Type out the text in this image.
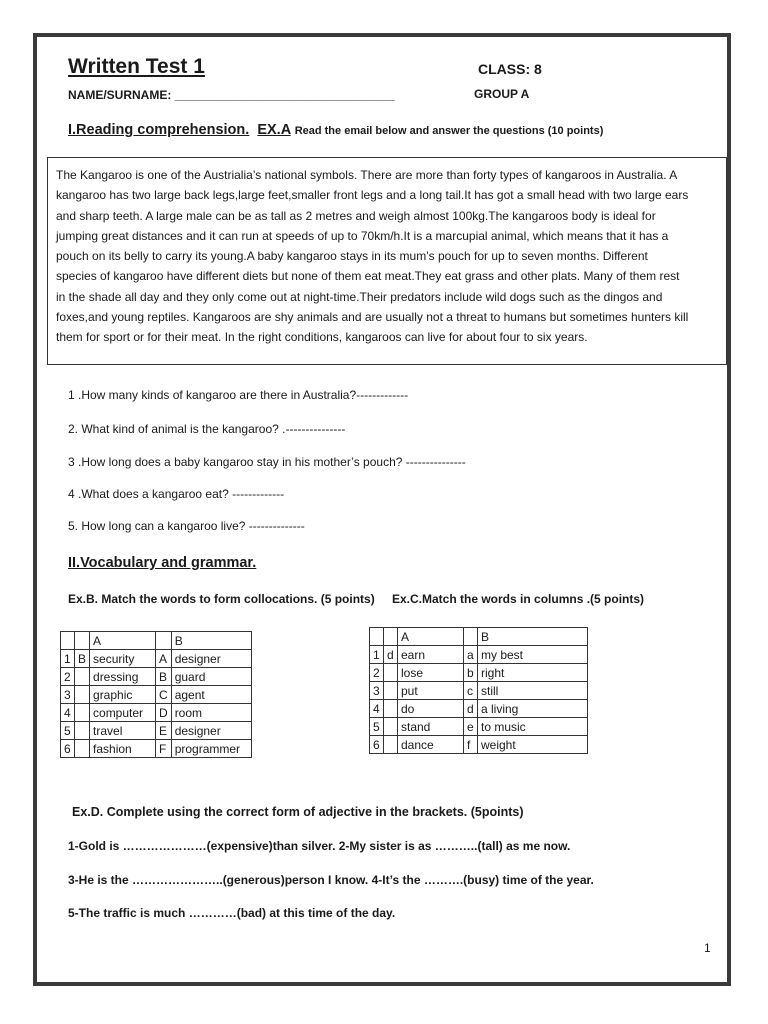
Written Test 1	CLASS: 8
NAME/SURNAME: _________________________________	GROUP A
I.Reading comprehension. EX.A Read the email below and answer the questions (10 points)
The Kangaroo is one of the Austrialia’s national symbols. There are more than forty types of kangaroos in Australia. A
kangaroo has two large back legs,large feet,smaller front legs and a long tail.It has got a small head with two large ears
and sharp teeth. A large male can be as tall as 2 metres and weigh almost 100kg.The kangaroos body is ideal for
jumping great distances and it can run at speeds of up to 70km/h.It is a marcupial animal, which means that it has a
pouch on its belly to carry its young.A baby kangaroo stays in its mum’s pouch for up to seven months. Different
species of kangaroo have different diets but none of them eat meat.They eat grass and other plats. Many of them rest
in the shade all day and they only come out at night-time.Their predators include wild dogs such as the dingos and
foxes,and young reptiles. Kangaroos are shy animals and are usually not a threat to humans but sometimes hunters kill
them for sport or for their meat. In the right conditions, kangaroos can live for about four to six years.
1 .How many kinds of kangaroo are there in Australia?-------------
2. What kind of animal is the kangaroo? .---------------
3 .How long does a baby kangaroo stay in his mother’s pouch? ---------------
4 .What does a kangaroo eat? -------------
5. How long can a kangaroo live? --------------
II.Vocabulary and grammar.
Ex.B. Match the words to form collocations. (5 points) Ex.C.Match the words in columns .(5 points)
		A		B
1	B	security	A	designer
2		dressing	B	guard
3		graphic	C	agent
4		computer	D	room
5		travel	E	designer
6		fashion	F	programmer
		A		B
1	d	earn	a	my best
2		lose	b	right
3		put	c	still
4		do	d	a living
5		stand	e	to music
6		dance	f	weight
Ex.D. Complete using the correct form of adjective in the brackets. (5points)
1-Gold is …………………(expensive)than silver. 2-My sister is as ………..(tall) as me now.
3-He is the …………………..(generous)person I know. 4-It’s the ……….(busy) time of the year.
5-The traffic is much …………(bad) at this time of the day.
1
